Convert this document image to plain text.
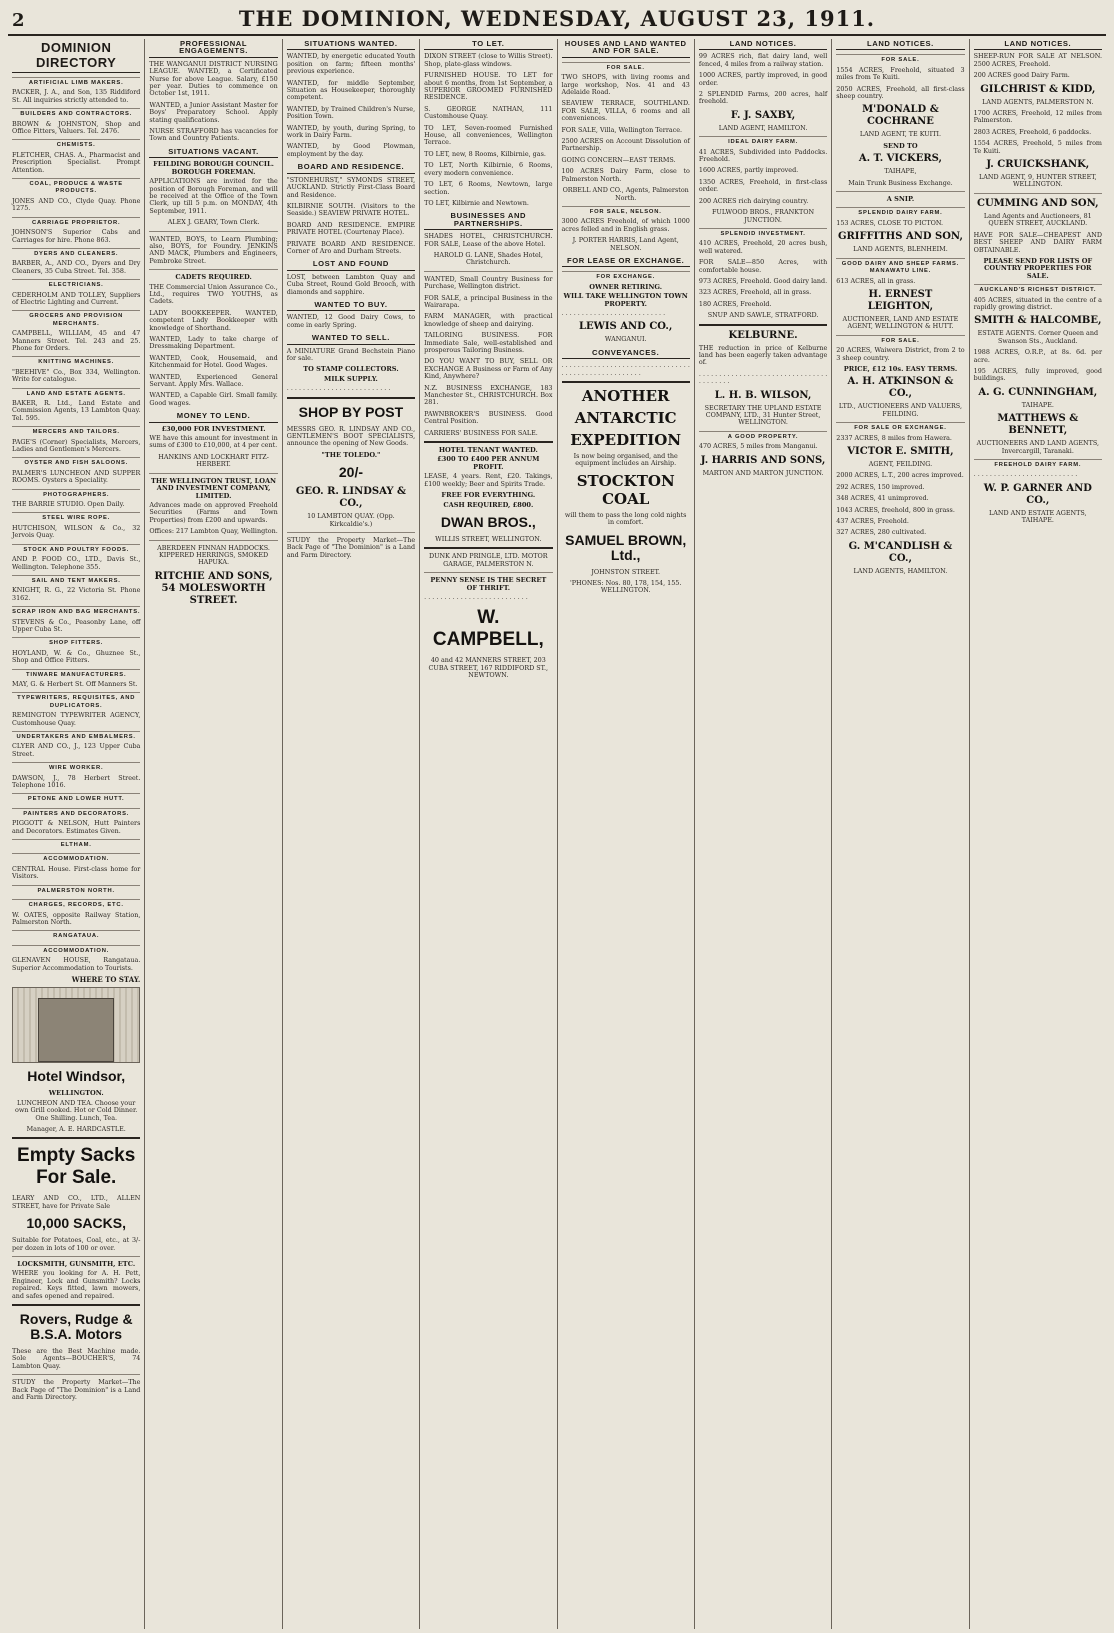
2	THE DOMINION, WEDNESDAY, AUGUST 23, 1911.
DOMINION DIRECTORY
ARTIFICIAL LIMB MAKERS.
PACKER, J. A., and Son, 135 Riddiford St. All inquiries strictly attended to.
BUILDERS AND CONTRACTORS.
BROWN & JOHNSTON, Shop and Office Fitters, Valuers. Tel. 2476.
CHEMISTS.
FLETCHER, CHAS. A., Pharmacist and Prescription Specialist. Prompt Attention.
COAL, PRODUCE & WASTE PRODUCTS.
JONES AND CO., Clyde Quay. Phone 1275.
CARRIAGE PROPRIETOR.
JOHNSON'S Superior Cabs and Carriages for hire. Phone 863.
DYERS AND CLEANERS.
BARBER, A., AND CO., Dyers and Dry Cleaners, 35 Cuba Street. Tel. 358.
ELECTRICIANS.
CEDERHOLM AND TOLLEY, Suppliers of Electric Lighting and Current.
GROCERS AND PROVISION MERCHANTS.
CAMPBELL, WILLIAM, 45 and 47 Manners Street. Tel. 243 and 25. Phone for Orders.
KNITTING MACHINES.
"BEEHIVE" Co., Box 334, Wellington. Write for catalogue.
LAND AND ESTATE AGENTS.
BAKER, R. Ltd., Land Estate and Commission Agents, 13 Lambton Quay. Tel. 595.
MERCERS AND TAILORS.
PAGE'S (Corner) Specialists, Mercers, Ladies and Gentlemen's Mercers.
OYSTER AND FISH SALOONS.
PALMER'S LUNCHEON AND SUPPER ROOMS. Oysters a Speciality.
PHOTOGRAPHERS.
THE BARRIE STUDIO. Open Daily.
STEEL WIRE ROPE.
HUTCHISON, WILSON & Co., 32 Jervois Quay.
STOCK AND POULTRY FOODS.
AND P. FOOD CO., LTD., Davis St., Wellington. Telephone 355.
SAIL AND TENT MAKERS.
KNIGHT, R. G., 22 Victoria St. Phone 3162.
SCRAP IRON AND BAG MERCHANTS.
STEVENS & Co., Peasonby Lane, off Upper Cuba St.
SHOP FITTERS.
HOYLAND, W. & Co., Ghuznee St., Shop and Office Fitters.
TINWARE MANUFACTURERS.
MAY, G. & Herbert St. Off Manners St.
TYPEWRITERS, REQUISITES, AND DUPLICATORS.
REMINGTON TYPEWRITER AGENCY, Customhouse Quay.
UNDERTAKERS AND EMBALMERS.
CLYER AND CO., J., 123 Upper Cuba Street.
WIRE WORKER.
DAWSON, J., 78 Herbert Street. Telephone 1016.
PETONE AND LOWER HUTT.
PAINTERS AND DECORATORS.
PIGGOTT & NELSON, Hutt Painters and Decorators. Estimates Given.
ELTHAM.
ACCOMMODATION.
CENTRAL House. First-class home for Visitors.
PALMERSTON NORTH.
CHARGES, RECORDS, ETC.
W. OATES, opposite Railway Station, Palmerston North.
RANGATAUA.
ACCOMMODATION.
GLENAVEN HOUSE, Rangataua. Superior Accommodation to Tourists.
WHERE TO STAY.
Hotel Windsor,
WELLINGTON.
LUNCHEON AND TEA. Choose your own Grill cooked. Hot or Cold Dinner. One Shilling. Lunch, Tea.
Manager, A. E. HARDCASTLE.
Empty Sacks For Sale.
LEARY AND CO., LTD., ALLEN STREET, have for Private Sale
10,000 SACKS,
Suitable for Potatoes, Coal, etc., at 3/- per dozen in lots of 100 or over.
LOCKSMITH, GUNSMITH, ETC.
WHERE you looking for A. H. Pett, Engineer, Lock and Gunsmith? Locks repaired. Keys fitted, lawn mowers, and safes opened and repaired.
Rovers, Rudge & B.S.A. Motors
These are the Best Machine made. Sole Agents—BOUCHER'S, 74 Lambton Quay.
STUDY the Property Market—The Back Page of "The Dominion" is a Land and Farm Directory.
PROFESSIONAL ENGAGEMENTS.
THE WANGANUI DISTRICT NURSING LEAGUE. WANTED, a Certificated Nurse for above League. Salary, £150 per year. Duties to commence on October 1st, 1911.
WANTED, a Junior Assistant Master for Boys' Preparatory School. Apply stating qualifications.
NURSE STRAFFORD has vacancies for Town and Country Patients.
SITUATIONS VACANT.
FEILDING BOROUGH COUNCIL. BOROUGH FOREMAN.
APPLICATIONS are invited for the position of Borough Foreman, and will be received at the Office of the Town Clerk, up till 5 p.m. on MONDAY, 4th September, 1911.
ALEX J. GEARY, Town Clerk.
WANTED, BOYS, to Learn Plumbing; also, BOYS, for Foundry. JENKINS AND MACK, Plumbers and Engineers, Pembroke Street.
CADETS REQUIRED.
THE Commercial Union Assurance Co., Ltd., requires TWO YOUTHS, as Cadets.
LADY BOOKKEEPER. WANTED, competent Lady Bookkeeper with knowledge of Shorthand.
WANTED, Lady to take charge of Dressmaking Department.
WANTED, Cook, Housemaid, and Kitchenmaid for Hotel. Good Wages.
WANTED, Experienced General Servant. Apply Mrs. Wallace.
WANTED, a Capable Girl. Small family. Good wages.
MONEY TO LEND.
£30,000 FOR INVESTMENT.
WE have this amount for investment in sums of £300 to £10,000, at 4 per cent.
HANKINS AND LOCKHART FITZ-HERBERT.
THE WELLINGTON TRUST, LOAN AND INVESTMENT COMPANY, LIMITED.
Advances made on approved Freehold Securities (Farms and Town Properties) from £200 and upwards.
Offices: 217 Lambton Quay, Wellington.
ABERDEEN FINNAN HADDOCKS. KIPPERED HERRINGS, SMOKED HAPUKA.
RITCHIE AND SONS, 54 MOLESWORTH STREET.
SITUATIONS WANTED.
WANTED, by energetic educated Youth position on farm; fifteen months' previous experience.
WANTED, for middle September, Situation as Housekeeper, thoroughly competent.
WANTED, by Trained Children's Nurse, Position Town.
WANTED, by youth, during Spring, to work in Dairy Farm.
WANTED, by Good Plowman, employment by the day.
BOARD AND RESIDENCE.
"STONEHURST," SYMONDS STREET, AUCKLAND. Strictly First-Class Board and Residence.
KILBIRNIE SOUTH. (Visitors to the Seaside.) SEAVIEW PRIVATE HOTEL.
BOARD AND RESIDENCE. EMPIRE PRIVATE HOTEL (Courtenay Place).
PRIVATE BOARD AND RESIDENCE. Corner of Aro and Durham Streets.
LOST AND FOUND
LOST, between Lambton Quay and Cuba Street, Round Gold Brooch, with diamonds and sapphire.
WANTED TO BUY.
WANTED, 12 Good Dairy Cows, to come in early Spring.
WANTED TO SELL.
A MINIATURE Grand Bechstein Piano for sale.
TO STAMP COLLECTORS.
MILK SUPPLY.
. . . . . . . . . . . . . . . . . . . . . . . . . .
SHOP BY POST
MESSRS GEO. R. LINDSAY AND CO., GENTLEMEN'S BOOT SPECIALISTS, announce the opening of New Goods.
"THE TOLEDO."
20/-
GEO. R. LINDSAY & CO.,
10 LAMBTON QUAY. (Opp. Kirkcaldie's.)
STUDY the Property Market—The Back Page of "The Dominion" is a Land and Farm Directory.
TO LET.
DIXON STREET (close to Willis Street). Shop, plate-glass windows.
FURNISHED HOUSE. TO LET for about 6 months, from 1st September, a SUPERIOR GROOMED FURNISHED RESIDENCE.
S. GEORGE NATHAN, 111 Customhouse Quay.
TO LET, Seven-roomed Furnished House, all conveniences, Wellington Terrace.
TO LET, new, 8 Rooms, Kilbirnie, gas.
TO LET, North Kilbirnie, 6 Rooms, every modern convenience.
TO LET, 6 Rooms, Newtown, large section.
TO LET, Kilbirnie and Newtown.
BUSINESSES AND PARTNERSHIPS.
SHADES HOTEL, CHRISTCHURCH. FOR SALE, Lease of the above Hotel.
HAROLD G. LANE, Shades Hotel, Christchurch.
WANTED, Small Country Business for Purchase, Wellington district.
FOR SALE, a principal Business in the Wairarapa.
FARM MANAGER, with practical knowledge of sheep and dairying.
TAILORING BUSINESS. FOR Immediate Sale, well-established and prosperous Tailoring Business.
DO YOU WANT TO BUY, SELL OR EXCHANGE A Business or Farm of Any Kind, Anywhere?
N.Z. BUSINESS EXCHANGE, 183 Manchester St., CHRISTCHURCH. Box 281.
PAWNBROKER'S BUSINESS. Good Central Position.
CARRIERS' BUSINESS FOR SALE.
HOTEL TENANT WANTED.
£300 TO £400 PER ANNUM PROFIT.
LEASE, 4 years. Rent, £20. Takings, £100 weekly; Beer and Spirits Trade.
FREE FOR EVERYTHING.
CASH REQUIRED, £800.
DWAN BROS.,
WILLIS STREET, WELLINGTON.
DUNK AND PRINGLE, LTD. MOTOR GARAGE, PALMERSTON N.
PENNY SENSE IS THE SECRET OF THRIFT.
. . . . . . . . . . . . . . . . . . . . . . . . . .
W. CAMPBELL,
40 and 42 MANNERS STREET, 203 CUBA STREET, 167 RIDDIFORD ST., NEWTOWN.
HOUSES AND LAND WANTED AND FOR SALE.
FOR SALE.
TWO SHOPS, with living rooms and large workshop, Nos. 41 and 43 Adelaide Road.
SEAVIEW TERRACE, SOUTHLAND. FOR SALE, VILLA, 6 rooms and all conveniences.
FOR SALE, Villa, Wellington Terrace.
2500 ACRES on Account Dissolution of Partnership.
GOING CONCERN—EAST TERMS.
100 ACRES Dairy Farm, close to Palmerston North.
ORBELL AND CO., Agents, Palmerston North.
FOR SALE, NELSON.
3000 ACRES Freehold, of which 1000 acres felled and in English grass.
J. PORTER HARRIS, Land Agent, NELSON.
FOR LEASE OR EXCHANGE.
FOR EXCHANGE.
OWNER RETIRING.
WILL TAKE WELLINGTON TOWN PROPERTY.
. . . . . . . . . . . . . . . . . . . . . . . . . .
LEWIS AND CO.,
WANGANUI.
CONVEYANCES.
. . . . . . . . . . . . . . . . . . . . . . . . . . . . . . . . . . . . . . . . . . . . . . . . . . . .
ANOTHER
ANTARCTIC
EXPEDITION
Is now being organised, and the equipment includes an Airship.
STOCKTON COAL
will them to pass the long cold nights in comfort.
SAMUEL BROWN, Ltd.,
JOHNSTON STREET.
'PHONES: Nos. 80, 178, 154, 155. WELLINGTON.
LAND NOTICES.
99 ACRES rich, flat dairy land, well fenced, 4 miles from a railway station.
1000 ACRES, partly improved, in good order.
2 SPLENDID Farms, 200 acres, half freehold.
F. J. SAXBY,
LAND AGENT, HAMILTON.
IDEAL DAIRY FARM.
41 ACRES, Subdivided into Paddocks. Freehold.
1600 ACRES, partly improved.
1350 ACRES, Freehold, in first-class order.
200 ACRES rich dairying country.
FULWOOD BROS., FRANKTON JUNCTION.
SPLENDID INVESTMENT.
410 ACRES, Freehold, 20 acres bush, well watered.
FOR SALE—850 Acres, with comfortable house.
973 ACRES, Freehold. Good dairy land.
323 ACRES, Freehold, all in grass.
180 ACRES, Freehold.
SNUP AND SAWLE, STRATFORD.
KELBURNE.
THE reduction in price of Kelburne land has been eagerly taken advantage of.
. . . . . . . . . . . . . . . . . . . . . . . . . . . . . . . . . . . . . . . .
L. H. B. WILSON,
SECRETARY THE UPLAND ESTATE COMPANY, LTD., 31 Hunter Street, WELLINGTON.
A GOOD PROPERTY.
470 ACRES, 5 miles from Manganui.
J. HARRIS AND SONS,
MARTON AND MARTON JUNCTION.
LAND NOTICES.
FOR SALE.
1554 ACRES, Freehold, situated 3 miles from Te Kuiti.
2050 ACRES, Freehold, all first-class sheep country.
M'DONALD & COCHRANE
LAND AGENT, TE KUITI.
SEND TO
A. T. VICKERS,
TAIHAPE,
Main Trunk Business Exchange.
A SNIP.
SPLENDID DAIRY FARM.
153 ACRES, CLOSE TO PICTON.
GRIFFITHS AND SON,
LAND AGENTS, BLENHEIM.
GOOD DAIRY AND SHEEP FARMS. MANAWATU LINE.
613 ACRES, all in grass.
H. ERNEST LEIGHTON,
AUCTIONEER, LAND AND ESTATE AGENT, WELLINGTON & HUTT.
FOR SALE.
20 ACRES, Waiwera District, from 2 to 3 sheep country.
PRICE, £12 10s. EASY TERMS.
A. H. ATKINSON & CO.,
LTD., AUCTIONEERS AND VALUERS, FEILDING.
FOR SALE OR EXCHANGE.
2337 ACRES, 8 miles from Hawera.
VICTOR E. SMITH,
AGENT, FEILDING.
2000 ACRES, L.T., 200 acres improved.
292 ACRES, 150 improved.
348 ACRES, 41 unimproved.
1043 ACRES, freehold, 800 in grass.
437 ACRES, Freehold.
327 ACRES, 280 cultivated.
G. M'CANDLISH & CO.,
LAND AGENTS, HAMILTON.
LAND NOTICES.
SHEEP-RUN FOR SALE AT NELSON. 2500 ACRES, Freehold.
200 ACRES good Dairy Farm.
GILCHRIST & KIDD,
LAND AGENTS, PALMERSTON N.
1700 ACRES, Freehold, 12 miles from Palmerston.
2803 ACRES, Freehold, 6 paddocks.
1554 ACRES, Freehold, 5 miles from Te Kuiti.
J. CRUICKSHANK,
LAND AGENT, 9, HUNTER STREET, WELLINGTON.
CUMMING AND SON,
Land Agents and Auctioneers, 81 QUEEN STREET, AUCKLAND.
HAVE FOR SALE—CHEAPEST AND BEST SHEEP AND DAIRY FARM OBTAINABLE.
PLEASE SEND FOR LISTS OF COUNTRY PROPERTIES FOR SALE.
AUCKLAND'S RICHEST DISTRICT.
405 ACRES, situated in the centre of a rapidly growing district.
SMITH & HALCOMBE,
ESTATE AGENTS. Corner Queen and Swanson Sts., Auckland.
1988 ACRES, O.R.P., at 8s. 6d. per acre.
195 ACRES, fully improved, good buildings.
A. G. CUNNINGHAM,
TAIHAPE.
MATTHEWS & BENNETT,
AUCTIONEERS AND LAND AGENTS, Invercargill, Taranaki.
FREEHOLD DAIRY FARM.
. . . . . . . . . . . . . . . . . . . . . . . . . .
W. P. GARNER AND CO.,
LAND AND ESTATE AGENTS, TAIHAPE.
